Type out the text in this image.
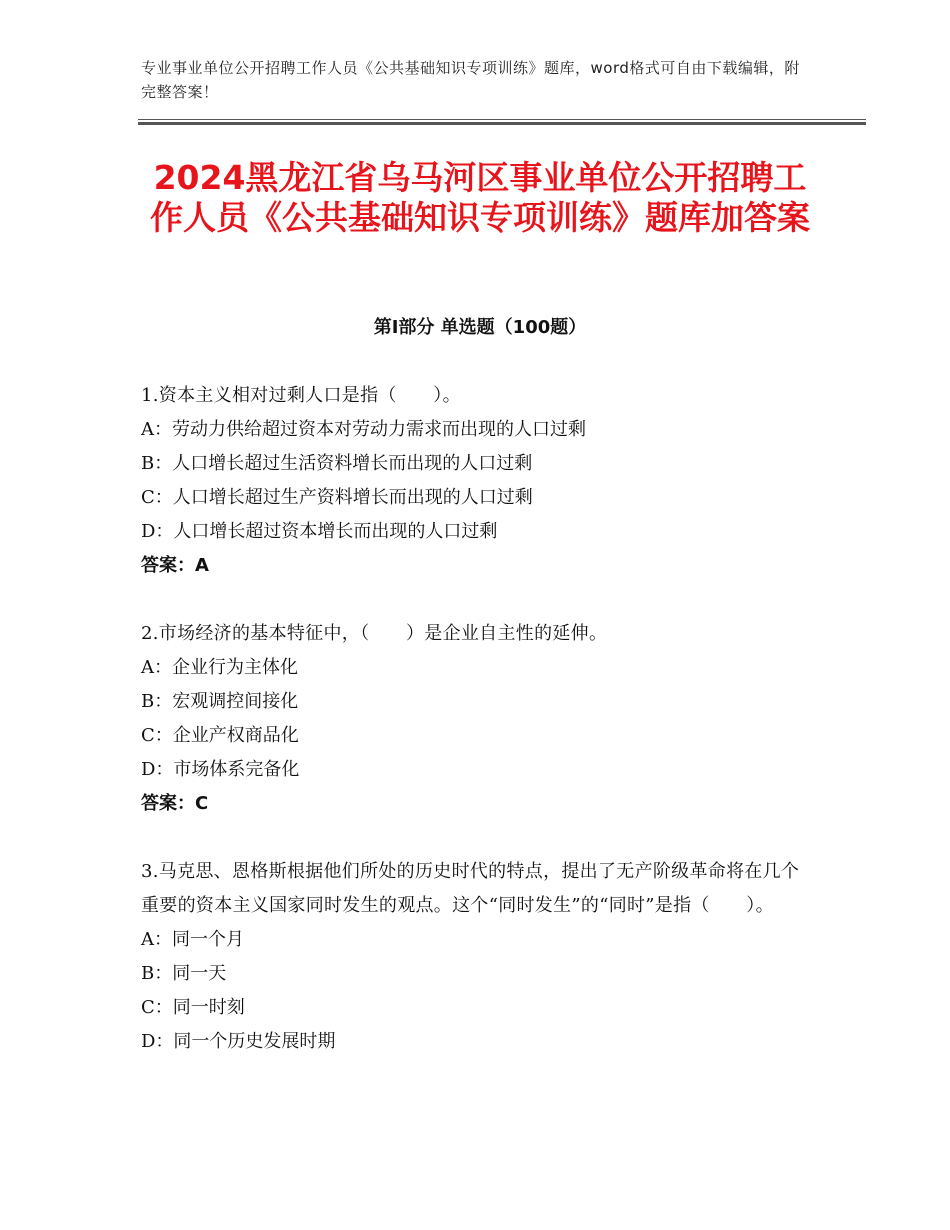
专业事业单位公开招聘工作人员《公共基础知识专项训练》题库，word格式可自由下载编辑，附完整答案！
2024黑龙江省乌马河区事业单位公开招聘工作人员《公共基础知识专项训练》题库加答案
第Ⅰ部分 单选题（100题）
1.资本主义相对过剩人口是指（　　）。
A：劳动力供给超过资本对劳动力需求而出现的人口过剩
B：人口增长超过生活资料增长而出现的人口过剩
C：人口增长超过生产资料增长而出现的人口过剩
D：人口增长超过资本增长而出现的人口过剩
答案：A
2.市场经济的基本特征中，（　　）是企业自主性的延伸。
A：企业行为主体化
B：宏观调控间接化
C：企业产权商品化
D：市场体系完备化
答案：C
3.马克思、恩格斯根据他们所处的历史时代的特点，提出了无产阶级革命将在几个重要的资本主义国家同时发生的观点。这个“同时发生”的“同时”是指（　　）。
A：同一个月
B：同一天
C：同一时刻
D：同一个历史发展时期
